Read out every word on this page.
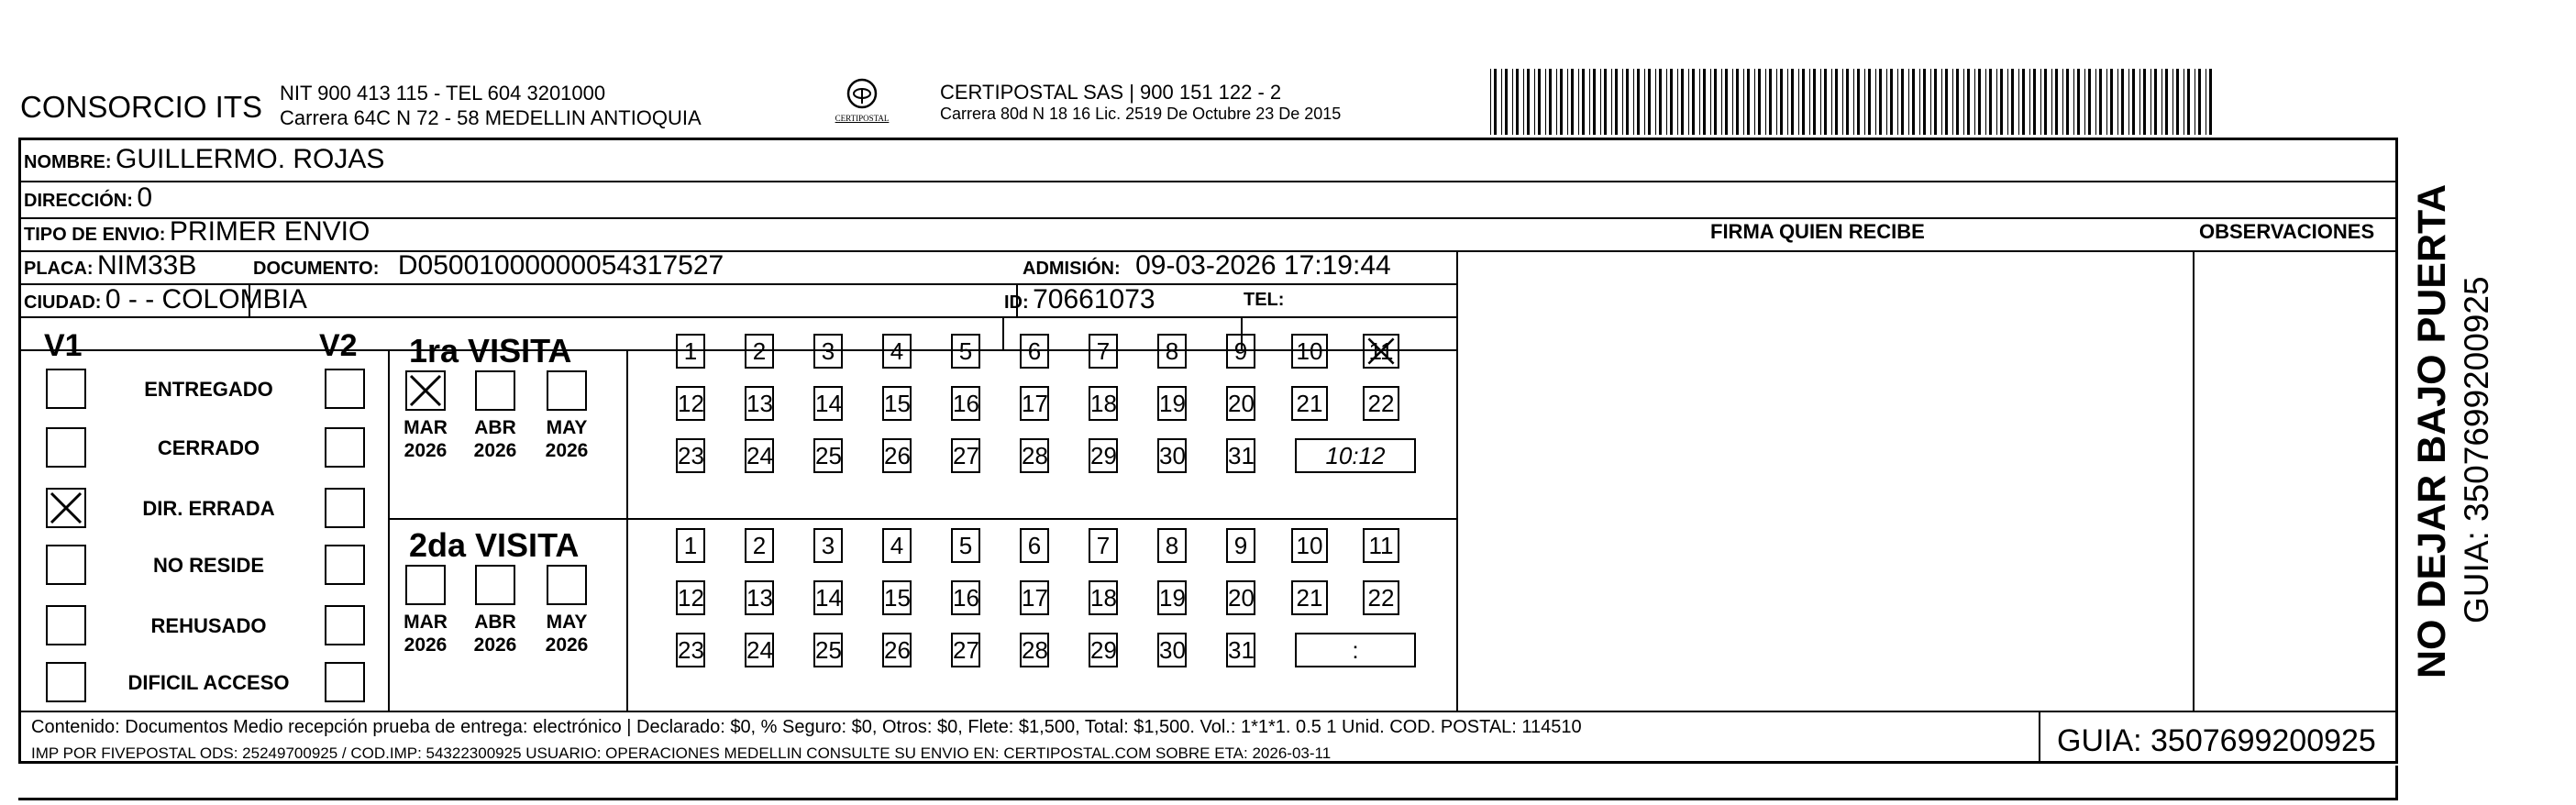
CONSORCIO ITS NIT 900 413 115 - TEL 604 3201000
Carrera 64C N 72 - 58 MEDELLIN ANTIOQUIA	CERTIPOSTAL
CERTIPOSTAL SAS | 900 151 122 - 2
Carrera 80d N 18 16 Lic. 2519 De Octubre 23 De 2015
NOMBRE: GUILLERMO. ROJAS
DIRECCIÓN: 0
TIPO DE ENVIO: PRIMER ENVIO
PLACA: NIM33B	DOCUMENTO: D05001000000054317527	ADMISIÓN: 09-03-2026 17:19:44
CIUDAD: 0 - - COLOMBIA	ID: 70661073	TEL:
FIRMA QUIEN RECIBE	OBSERVACIONES
V1	V2
ENTREGADO
CERRADO
DIR. ERRADA
NO RESIDE
REHUSADO
DIFICIL ACCESO
1ra VISITA
2da VISITA
MAR
2026
ABR
2026
MAY
2026
1	2	3	4	5	6	7	8	9	10 11
12 13 14 15 16 17 18 19 20 21 22
23 24 25 26 27 28 29 30 31	10:12
MAR
2026
ABR
2026
MAY
2026
1	2	3	4	5	6	7	8	9	10 11
12 13 14 15 16 17 18 19 20 21 22
23 24 25 26 27 28 29 30 31	:
Contenido: Documentos Medio recepción prueba de entrega: electrónico | Declarado: $0, % Seguro: $0, Otros: $0, Flete: $1,500, Total: $1,500. Vol.: 1*1*1. 0.5 1 Unid. COD. POSTAL: 114510
IMP POR FIVEPOSTAL ODS: 25249700925 / COD.IMP: 54322300925 USUARIO: OPERACIONES MEDELLIN CONSULTE SU ENVIO EN: CERTIPOSTAL.COM SOBRE ETA: 2026-03-11	GUIA: 3507699200925
NO DEJAR BAJO PUERTA GUIA: 3507699200925
